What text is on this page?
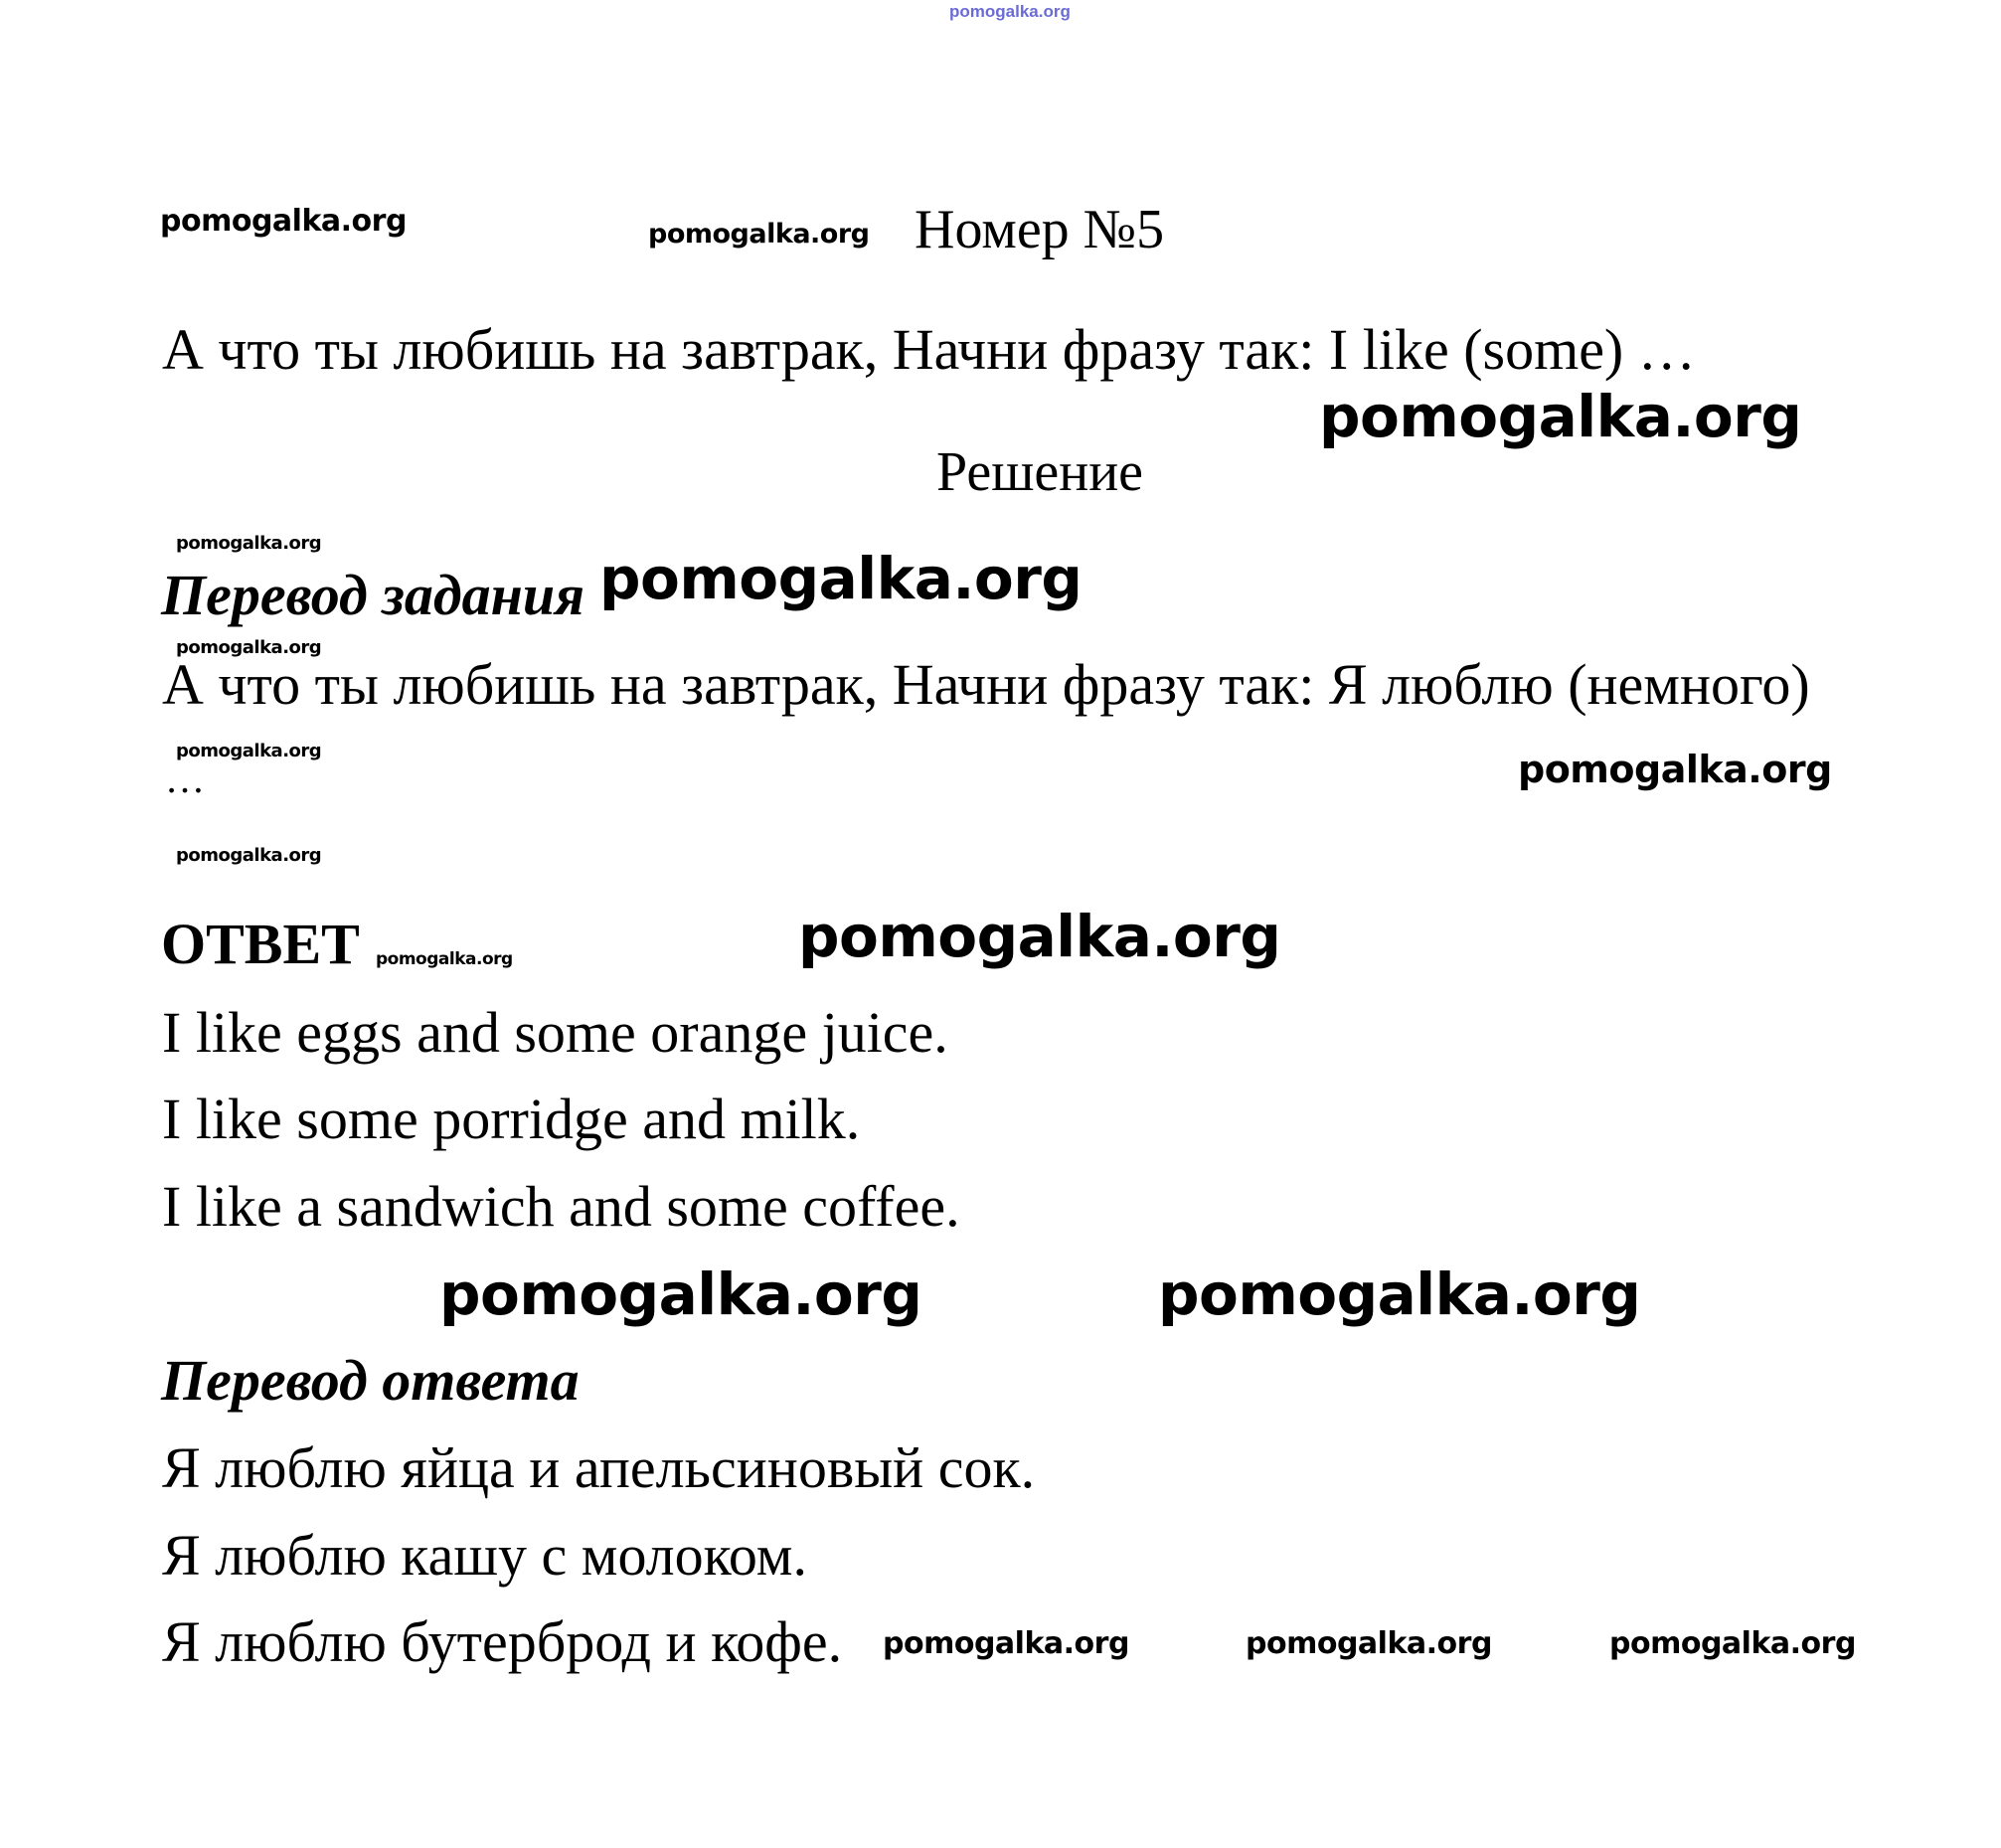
pomogalka.org
pomogalka.org	pomogalka.org Номер №5
А что ты любишь на завтрак, Начни фразу так: I like (some) …
pomogalka.org
Решение
pomogalka.org
Перевод задания pomogalka.org
pomogalka.org
А что ты любишь на завтрак, Начни фразу так: Я люблю (немного)
pomogalka.org
…	pomogalka.org
pomogalka.org
ОТВЕТ pomogalka.org	pomogalka.org
I like eggs and some orange juice.
I like some porridge and milk.
I like a sandwich and some coffee.
pomogalka.org	pomogalka.org
Перевод ответа
Я люблю яйца и апельсиновый сок.
Я люблю кашу с молоком.
Я люблю бутерброд и кофе. pomogalka.org	pomogalka.org	pomogalka.org
